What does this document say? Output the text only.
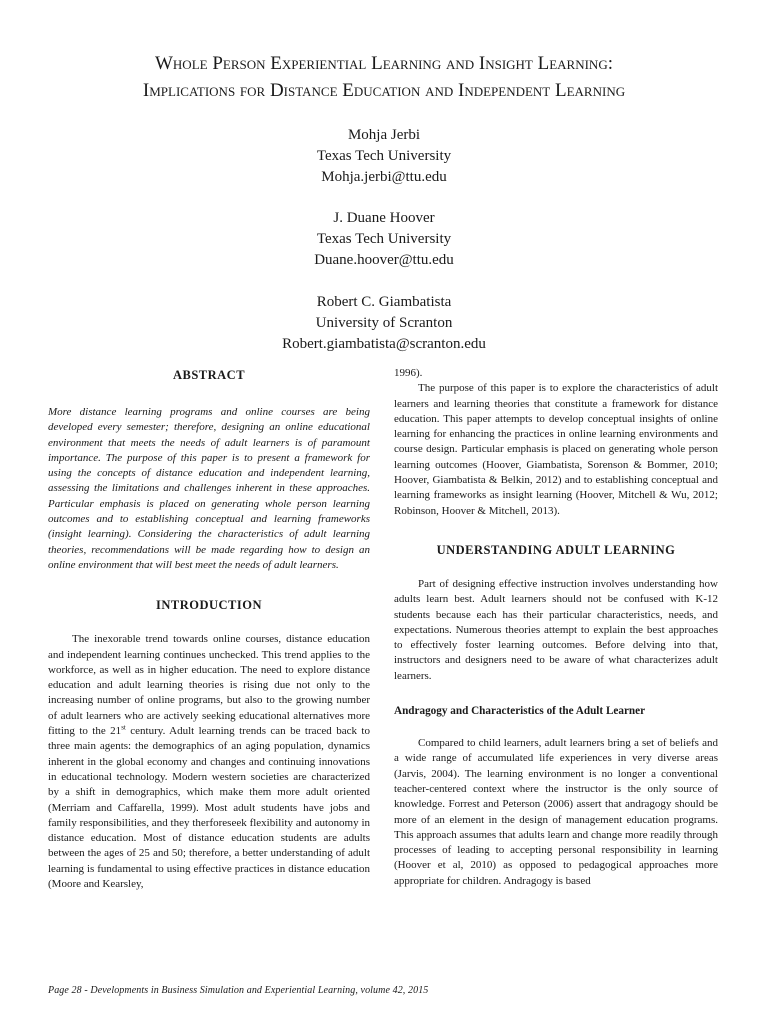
Whole Person Experiential Learning and Insight Learning:
Implications for Distance Education and Independent Learning
Mohja Jerbi
Texas Tech University
Mohja.jerbi@ttu.edu
J. Duane Hoover
Texas Tech University
Duane.hoover@ttu.edu
Robert C. Giambatista
University of Scranton
Robert.giambatista@scranton.edu
ABSTRACT

More distance learning programs and online courses are being developed every semester; therefore, designing an online educational environment that meets the needs of adult learners is of paramount importance. The purpose of this paper is to present a framework for using the concepts of distance education and independent learning, assessing the limitations and challenges inherent in these approaches. Particular emphasis is placed on generating whole person learning outcomes and to establishing conceptual and learning frameworks (insight learning). Considering the characteristics of adult learning theories, recommendations will be made regarding how to design an online environment that will best meet the needs of adult learners.

INTRODUCTION

The inexorable trend towards online courses, distance education and independent learning continues unchecked. This trend applies to the workforce, as well as in higher education. The need to explore distance education and adult learning theories is rising due not only to the increasing number of online programs, but also to the growing number of adult learners who are actively seeking educational alternatives more fitting to the 21st century. Adult learning trends can be traced back to three main agents: the demographics of an aging population, dynamics inherent in the global economy and changes and continuing innovations in educational technology. Modern western societies are characterized by a shift in demographics, which make them more adult oriented (Merriam and Caffarella, 1999). Most adult students have jobs and family responsibilities, and they therforeseek flexibility and autonomy in distance education. Most of distance education students are adults between the ages of 25 and 50; therefore, a better understanding of adult learning is fundamental to using effective practices in distance education (Moore and Kearsley,

1996).

The purpose of this paper is to explore the characteristics of adult learners and learning theories that constitute a framework for distance education. This paper attempts to develop conceptual insights of online learning for enhancing the practices in online learning environments and course design. Particular emphasis is placed on generating whole person learning outcomes (Hoover, Giambatista, Sorenson & Bommer, 2010; Hoover, Giambatista & Belkin, 2012) and to establishing conceptual and learning frameworks as insight learning (Hoover, Mitchell & Wu, 2012; Robinson, Hoover & Mitchell, 2013).

UNDERSTANDING ADULT LEARNING

Part of designing effective instruction involves understanding how adults learn best. Adult learners should not be confused with K-12 students because each has their particular characteristics, needs, and expectations. Numerous theories attempt to explain the best approaches to effectively foster learning outcomes. Before delving into that, instructors and designers need to be aware of what characterizes adult learners.

Andragogy and Characteristics of the Adult Learner

Compared to child learners, adult learners bring a set of beliefs and a wide range of accumulated life experiences in very diverse areas (Jarvis, 2004). The learning environment is no longer a conventional teacher-centered context where the instructor is the only source of knowledge. Forrest and Peterson (2006) assert that andragogy should be more of an element in the design of management education programs. This approach assumes that adults learn and change more readily through processes of leading to accepting personal responsibility in learning (Hoover et al, 2010) as opposed to pedagogical approaches more appropriate for children. Andragogy is based

Page 28 - Developments in Business Simulation and Experiential Learning, volume 42, 2015
